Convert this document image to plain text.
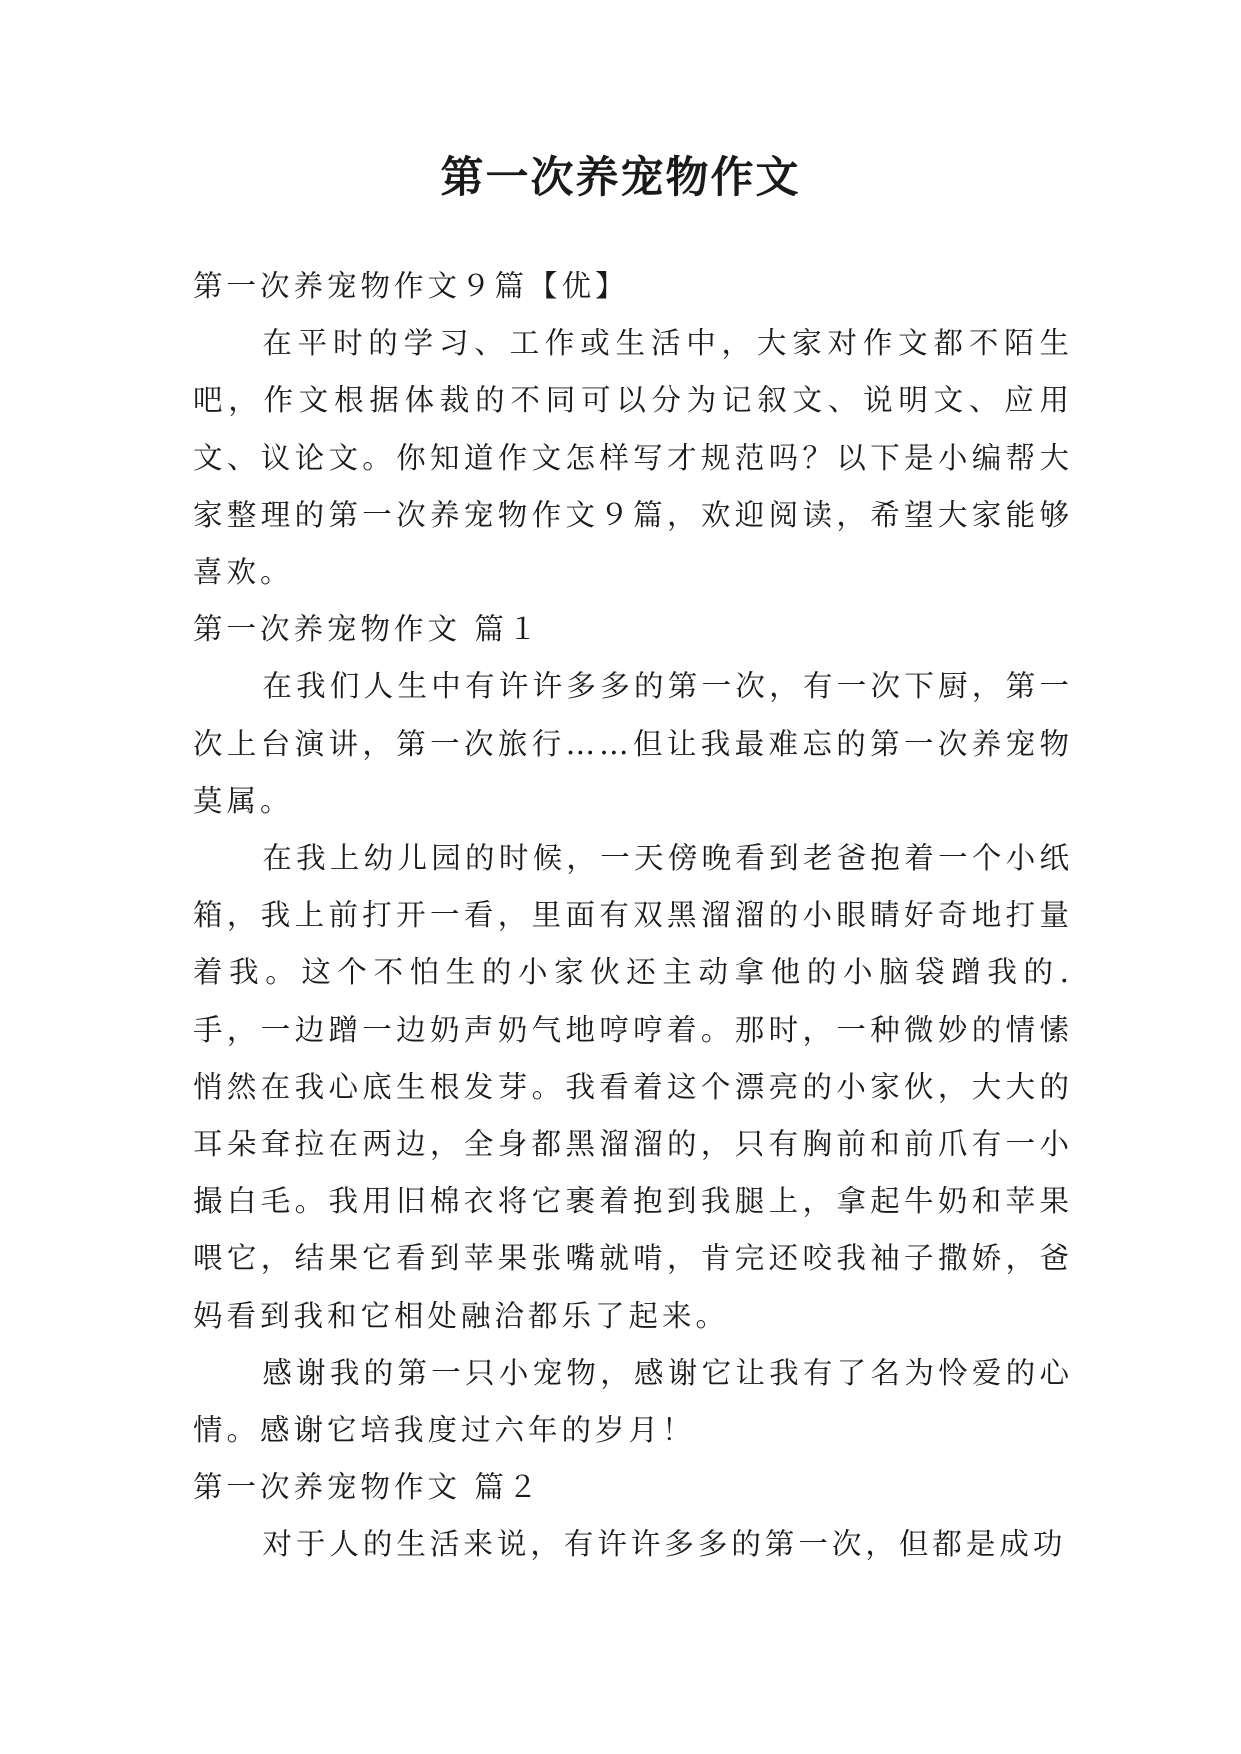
第一次养宠物作文

第一次养宠物作文９篇【优】

在平时的学习、工作或生活中，大家对作文都不陌生吧，作文根据体裁的不同可以分为记叙文、说明文、应用文、议论文。你知道作文怎样写才规范吗？以下是小编帮大家整理的第一次养宠物作文９篇，欢迎阅读，希望大家能够喜欢。

第一次养宠物作文 篇１

在我们人生中有许许多多的第一次，有一次下厨，第一次上台演讲，第一次旅行……但让我最难忘的第一次养宠物莫属。

在我上幼儿园的时候，一天傍晚看到老爸抱着一个小纸箱，我上前打开一看，里面有双黑溜溜的小眼睛好奇地打量着我。这个不怕生的小家伙还主动拿他的小脑袋蹭我的.手，一边蹭一边奶声奶气地哼哼着。那时，一种微妙的情愫悄然在我心底生根发芽。我看着这个漂亮的小家伙，大大的耳朵耷拉在两边，全身都黑溜溜的，只有胸前和前爪有一小撮白毛。我用旧棉衣将它裹着抱到我腿上，拿起牛奶和苹果喂它，结果它看到苹果张嘴就啃，肯完还咬我袖子撒娇，爸妈看到我和它相处融洽都乐了起来。

感谢我的第一只小宠物，感谢它让我有了名为怜爱的心情。感谢它培我度过六年的岁月！

第一次养宠物作文 篇２

对于人的生活来说，有许许多多的第一次，但都是成功
